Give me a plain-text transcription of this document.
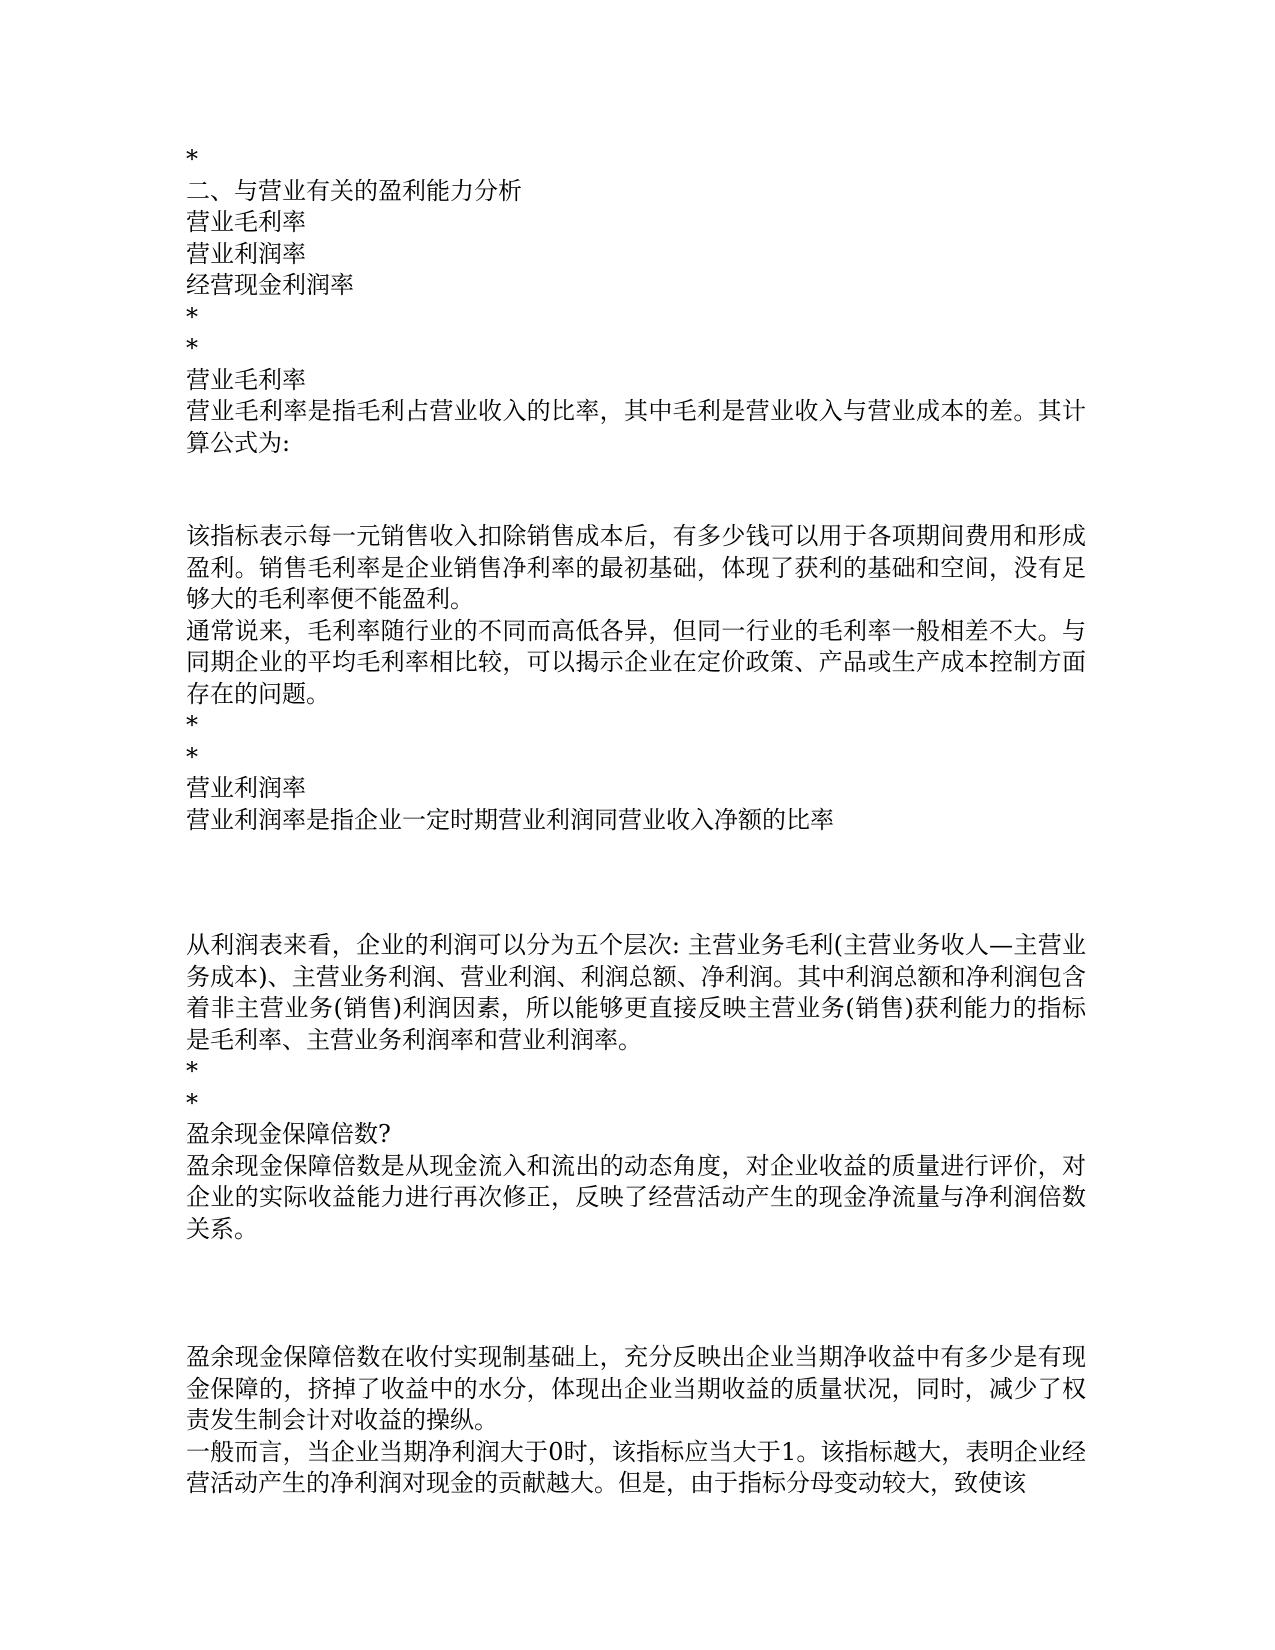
*
二、与营业有关的盈利能力分析
营业毛利率
营业利润率
经营现金利润率
*
*
营业毛利率
营业毛利率是指毛利占营业收入的比率，其中毛利是营业收入与营业成本的差。其计算公式为:
该指标表示每一元销售收入扣除销售成本后，有多少钱可以用于各项期间费用和形成盈利。销售毛利率是企业销售净利率的最初基础，体现了获利的基础和空间，没有足够大的毛利率便不能盈利。
通常说来，毛利率随行业的不同而高低各异，但同一行业的毛利率一般相差不大。与同期企业的平均毛利率相比较，可以揭示企业在定价政策、产品或生产成本控制方面存在的问题。
*
*
营业利润率
营业利润率是指企业一定时期营业利润同营业收入净额的比率
从利润表来看，企业的利润可以分为五个层次: 主营业务毛利(主营业务收人—主营业务成本)、主营业务利润、营业利润、利润总额、净利润。其中利润总额和净利润包含着非主营业务(销售)利润因素，所以能够更直接反映主营业务(销售)获利能力的指标是毛利率、主营业务利润率和营业利润率。
*
*
盈余现金保障倍数?
盈余现金保障倍数是从现金流入和流出的动态角度，对企业收益的质量进行评价，对企业的实际收益能力进行再次修正，反映了经营活动产生的现金净流量与净利润倍数关系。
盈余现金保障倍数在收付实现制基础上，充分反映出企业当期净收益中有多少是有现金保障的，挤掉了收益中的水分，体现出企业当期收益的质量状况，同时，减少了权责发生制会计对收益的操纵。
一般而言，当企业当期净利润大于0时，该指标应当大于1。该指标越大，表明企业经营活动产生的净利润对现金的贡献越大。但是，由于指标分母变动较大，致使该
